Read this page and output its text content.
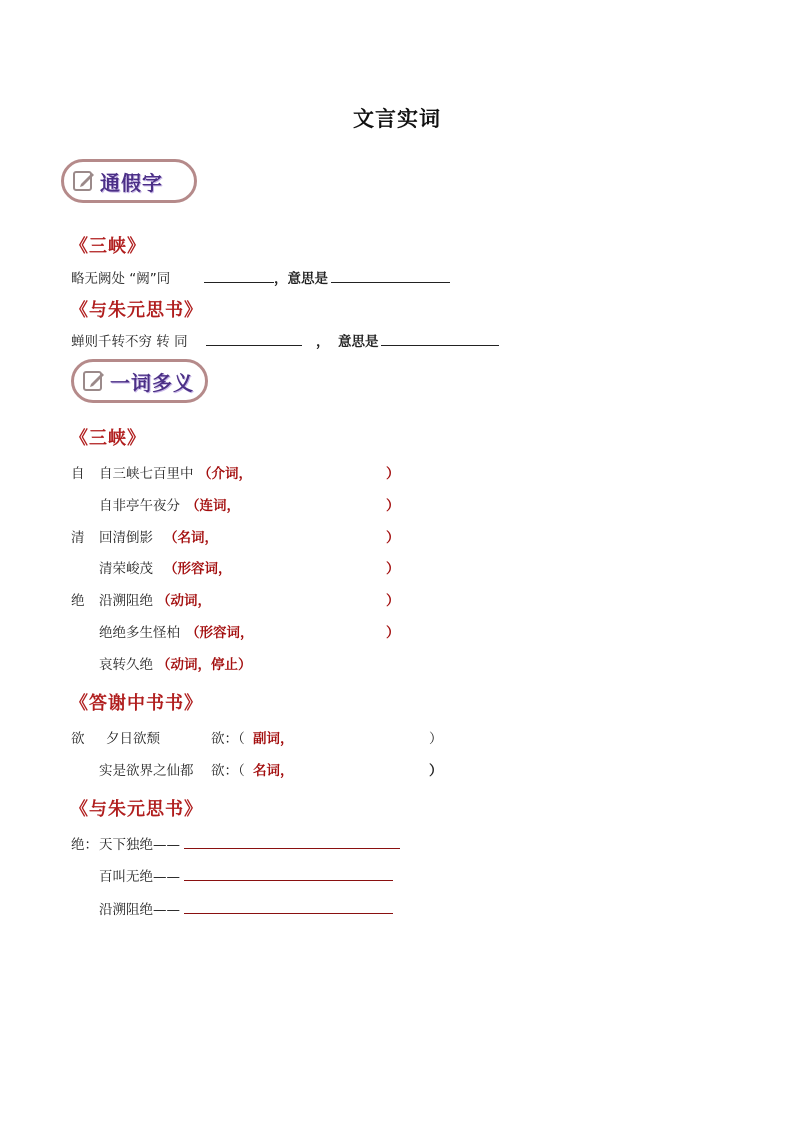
文言实词
通假字
《三峡》
略无阙处 “阙”同	，意思是
《与朱元思书》
蝉则千转不穷 转 同	， 意思是
一词多义
《三峡》
自 自三峡七百里中 （介词，	）
自非亭午夜分 （连词，	）
清 回清倒影 （名词，	）
清荣峻茂 （形容词，	）
绝 沿溯阻绝 （动词，	）
绝绝多生怪柏 （形容词，	）
哀转久绝 （动词，停止）
《答谢中书书》
欲 夕日欲颓	欲：（ 副词，	）
实是欲界之仙都 欲：（ 名词，	）
《与朱元思书》
绝： 天下独绝——
百叫无绝——
沿溯阻绝——
